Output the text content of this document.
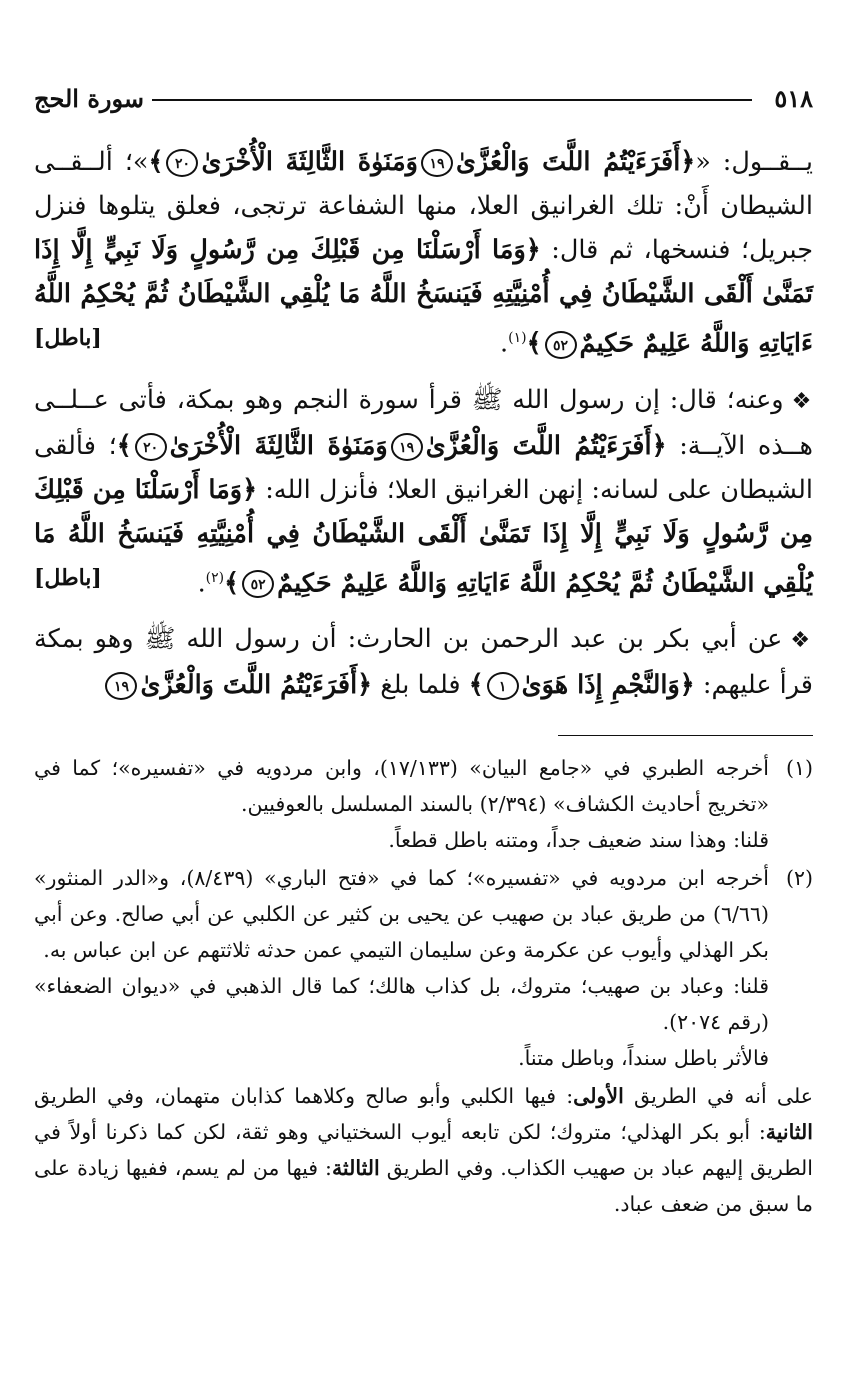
٥١٨
سورة الحج

يــقــول: «﴿أَفَرَءَيْتُمُ اللَّتَ وَالْعُزَّىٰ١٩وَمَنَوٰةَ الثَّالِثَةَ الْأُخْرَىٰ٢٠﴾»؛ ألــقــى الشيطان أَنْ: تلك الغرانيق العلا، منها الشفاعة ترتجى، فعلق يتلوها فنزل جبريل؛ فنسخها، ثم قال: ﴿وَمَا أَرْسَلْنَا مِن قَبْلِكَ مِن رَّسُولٍ وَلَا نَبِيٍّ إِلَّا إِذَا تَمَنَّىٰ أَلْقَى الشَّيْطَانُ فِي أُمْنِيَّتِهِ فَيَنسَخُ اللَّهُ مَا يُلْقِي الشَّيْطَانُ ثُمَّ يُحْكِمُ اللَّهُ ءَايَاتِهِ وَاللَّهُ عَلِيمٌ حَكِيمٌ٥٢﴾$^{(١)}$.
[باطل]

❖وعنه؛ قال: إن رسول الله ﷺ قرأ سورة النجم وهو بمكة، فأتى عــلــى هــذه الآيــة: ﴿أَفَرَءَيْتُمُ اللَّتَ وَالْعُزَّىٰ١٩وَمَنَوٰةَ الثَّالِثَةَ الْأُخْرَىٰ٢٠﴾؛ فألقى الشيطان على لسانه: إنهن الغرانيق العلا؛ فأنزل الله: ﴿وَمَا أَرْسَلْنَا مِن قَبْلِكَ مِن رَّسُولٍ وَلَا نَبِيٍّ إِلَّا إِذَا تَمَنَّىٰ أَلْقَى الشَّيْطَانُ فِي أُمْنِيَّتِهِ فَيَنسَخُ اللَّهُ مَا يُلْقِي الشَّيْطَانُ ثُمَّ يُحْكِمُ اللَّهُ ءَايَاتِهِ وَاللَّهُ عَلِيمٌ حَكِيمٌ٥٢﴾$^{(٢)}$.
[باطل]

❖عن أبي بكر بن عبد الرحمن بن الحارث: أن رسول الله ﷺ وهو بمكة قرأ عليهم: ﴿وَالنَّجْمِ إِذَا هَوَىٰ١﴾ فلما بلغ ﴿أَفَرَءَيْتُمُ اللَّتَ وَالْعُزَّىٰ١٩

(١)

أخرجه الطبري في «جامع البيان» (١٧/١٣٣)، وابن مردويه في «تفسيره»؛ كما في «تخريج أحاديث الكشاف» (٢/٣٩٤) بالسند المسلسل بالعوفيين.

قلنا: وهذا سند ضعيف جداً، ومتنه باطل قطعاً.

(٢)

أخرجه ابن مردويه في «تفسيره»؛ كما في «فتح الباري» (٨/٤٣٩)، و«الدر المنثور» (٦/٦٦) من طريق عباد بن صهيب عن يحيى بن كثير عن الكلبي عن أبي صالح. وعن أبي بكر الهذلي وأيوب عن عكرمة وعن سليمان التيمي عمن حدثه ثلاثتهم عن ابن عباس به.

قلنا: وعباد بن صهيب؛ متروك، بل كذاب هالك؛ كما قال الذهبي في «ديوان الضعفاء» (رقم ٢٠٧٤).

فالأثر باطل سنداً، وباطل متناً.

على أنه في الطريق الأولى: فيها الكلبي وأبو صالح وكلاهما كذابان متهمان، وفي الطريق الثانية: أبو بكر الهذلي؛ متروك؛ لكن تابعه أيوب السختياني وهو ثقة، لكن كما ذكرنا أولاً في الطريق إليهم عباد بن صهيب الكذاب. وفي الطريق الثالثة: فيها من لم يسم، ففيها زيادة على ما سبق من ضعف عباد.
